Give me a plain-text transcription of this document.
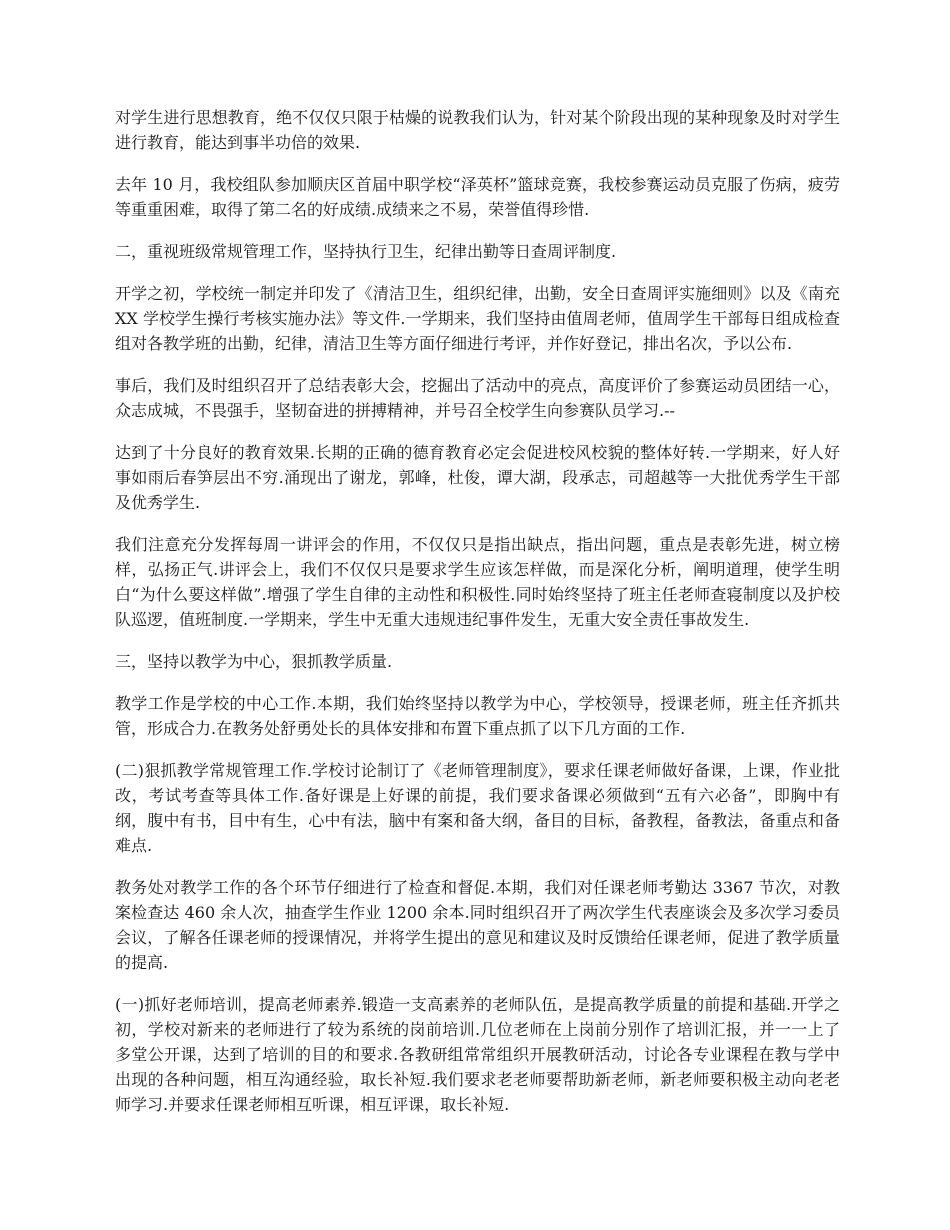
对学生进行思想教育，绝不仅仅只限于枯燥的说教我们认为，针对某个阶段出现的某种现象及时对学生进行教育，能达到事半功倍的效果.

去年 10 月，我校组队参加顺庆区首届中职学校“泽英杯”篮球竞赛，我校参赛运动员克服了伤病，疲劳等重重困难，取得了第二名的好成绩.成绩来之不易，荣誉值得珍惜.

二，重视班级常规管理工作，坚持执行卫生，纪律出勤等日查周评制度.

开学之初，学校统一制定并印发了《清洁卫生，组织纪律，出勤，安全日查周评实施细则》以及《南充 XX 学校学生操行考核实施办法》等文件.一学期来，我们坚持由值周老师，值周学生干部每日组成检查组对各教学班的出勤，纪律，清洁卫生等方面仔细进行考评，并作好登记，排出名次，予以公布.

事后，我们及时组织召开了总结表彰大会，挖掘出了活动中的亮点，高度评价了参赛运动员团结一心，众志成城，不畏强手，坚韧奋进的拼搏精神，并号召全校学生向参赛队员学习.--

达到了十分良好的教育效果.长期的正确的德育教育必定会促进校风校貌的整体好转.一学期来，好人好事如雨后春笋层出不穷.涌现出了谢龙，郭峰，杜俊，谭大湖，段承志，司超越等一大批优秀学生干部及优秀学生.

我们注意充分发挥每周一讲评会的作用，不仅仅只是指出缺点，指出问题，重点是表彰先进，树立榜样，弘扬正气.讲评会上，我们不仅仅只是要求学生应该怎样做，而是深化分析，阐明道理，使学生明白“为什么要这样做”.增强了学生自律的主动性和积极性.同时始终坚持了班主任老师查寝制度以及护校队巡逻，值班制度.一学期来，学生中无重大违规违纪事件发生，无重大安全责任事故发生.

三，坚持以教学为中心，狠抓教学质量.

教学工作是学校的中心工作.本期，我们始终坚持以教学为中心，学校领导，授课老师，班主任齐抓共管，形成合力.在教务处舒勇处长的具体安排和布置下重点抓了以下几方面的工作.

(二)狠抓教学常规管理工作.学校讨论制订了《老师管理制度》，要求任课老师做好备课，上课，作业批改，考试考查等具体工作.备好课是上好课的前提，我们要求备课必须做到“五有六必备”，即胸中有纲，腹中有书，目中有生，心中有法，脑中有案和备大纲，备目的目标，备教程，备教法，备重点和备难点.

教务处对教学工作的各个环节仔细进行了检查和督促.本期，我们对任课老师考勤达 3367 节次，对教案检查达 460 余人次，抽查学生作业 1200 余本.同时组织召开了两次学生代表座谈会及多次学习委员会议，了解各任课老师的授课情况，并将学生提出的意见和建议及时反馈给任课老师，促进了教学质量的提高.

(一)抓好老师培训，提高老师素养.锻造一支高素养的老师队伍，是提高教学质量的前提和基础.开学之初，学校对新来的老师进行了较为系统的岗前培训.几位老师在上岗前分别作了培训汇报，并一一上了多堂公开课，达到了培训的目的和要求.各教研组常常组织开展教研活动，讨论各专业课程在教与学中出现的各种问题，相互沟通经验，取长补短.我们要求老老师要帮助新老师，新老师要积极主动向老老师学习.并要求任课老师相互听课，相互评课，取长补短.
